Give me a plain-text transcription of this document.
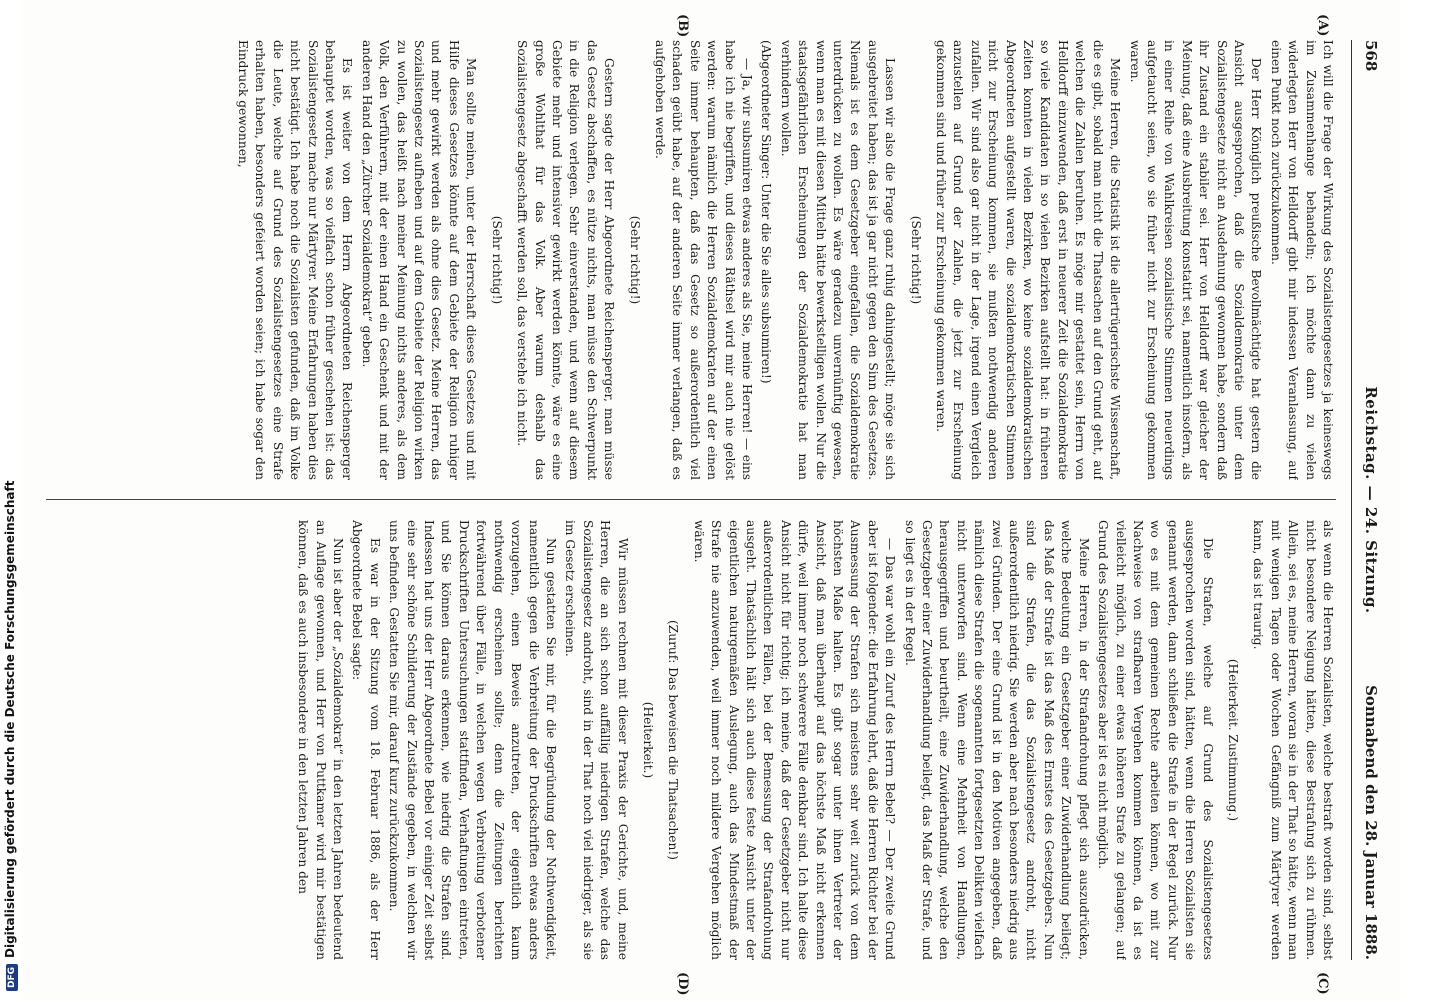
568
Reichstag. — 24. Sitzung.
Sonnabend den 28. Januar 1888.
(A)
(B)
(C)
(D)

Ich will die Frage der Wirkung des Sozialistengesetzes ja keineswegs im Zusammenhange behandeln; ich möchte dann zu vielen widerlegten Herr von Helldorff gibt mir indessen Veranlassung, auf einen Punkt noch zurückzukommen.

Der Herr Königlich preußische Bevollmächtigte hat gestern die Ansicht ausgesprochen, daß die Sozialdemokratie unter dem Sozialistengesetze nicht an Ausdehnung gewonnen habe, sondern daß ihr Zustand ein stabiler sei. Herr von Helldorff war gleicher der Meinung, daß eine Ausbreitung konstatirt sei, namentlich insofern, als in einer Reihe von Wahlkreisen sozialistische Stimmen neuerdings aufgetaucht seien, wo sie früher nicht zur Erscheinung gekommen waren.

Meine Herren, die Statistik ist die allertrügerischste Wissenschaft, die es gibt, sobald man nicht die Thatsachen auf den Grund geht, auf welchen die Zahlen beruhen. Es möge mir gestattet sein, Herrn von Helldorff einzuwenden, daß erst in neuerer Zeit die Sozialdemokratie so viele Kandidaten in so vielen Bezirken aufstellt hat: in früheren Zeiten konnten in vielen Bezirken, wo keine sozialdemokratischen Abgeordneten aufgestellt waren, die sozialdemokratischen Stimmen nicht zur Erscheinung kommen, sie mußten nothwendig anderen zufallen. Wir sind also gar nicht in der Lage, irgend einen Vergleich anzustellen auf Grund der Zahlen, die jetzt zur Erscheinung gekommen sind und früher zur Erscheinung gekommen waren.

(Sehr richtig!)

Lassen wir also die Frage ganz ruhig dahingestellt; möge sie sich ausgebreitet haben; das ist ja gar nicht gegen den Sinn des Gesetzes. Niemals ist es dem Gesetzgeber eingefallen, die Sozialdemokratie unterdrücken zu wollen. Es wäre geradezu unvernünftig gewesen, wenn man es mit diesen Mitteln hätte bewerkstelligen wollen. Nur die staatsgefährlichen Erscheinungen der Sozialdemokratie hat man verhindern wollen.

(Abgeordneter Singer: Unter die Sie alles subsumiren!)

— Ja, wir subsumiren etwas anderes als Sie, meine Herren! — eins habe ich nie begriffen, und dieses Räthsel wird mir auch nie gelöst werden: warum nämlich die Herren Sozialdemokraten auf der einen Seite immer behaupten, daß das Gesetz so außerordentlich viel schaden geübt habe, auf der anderen Seite immer verlangen, daß es aufgehoben werde.

(Sehr richtig!)

Gestern sagte der Herr Abgeordnete Reichensperger, man müsse das Gesetz abschaffen, es nütze nichts, man müsse den Schwerpunkt in die Religion verlegen. Sehr einverstanden, und wenn auf diesem Gebiete mehr und intensiver gewirkt werden könnte, wäre es eine große Wohlthat für das Volk. Aber warum deshalb das Sozialistengesetz abgeschafft werden soll, das verstehe ich nicht.

(Sehr richtig!)

Man sollte meinen, unter der Herrschaft dieses Gesetzes und mit Hilfe dieses Gesetzes könnte auf dem Gebiete der Religion ruhiger und mehr gewirkt werden als ohne dies Gesetz. Meine Herren, das Sozialistengesetz aufheben und auf dem Gebiete der Religion wirken zu wollen, das heißt nach meiner Meinung nichts anderes, als dem Volk, den Verführern, mit der einen Hand ein Geschenk und mit der anderen Hand den „Zürcher Sozialdemokrat“ geben.

Es ist weiter von dem Herrn Abgeordneten Reichensperger behauptet worden, was so vielfach schon früher geschehen ist: das Sozialistengesetz mache nur Märtyrer. Meine Erfahrungen haben dies nicht bestätigt. Ich habe noch die Sozialisten gefunden, daß im Volke die Leute, welche auf Grund des Sozialistengesetzes eine Strafe erhalten haben, besonders gefeiert worden seien; ich habe sogar den Eindruck gewonnen,

als wenn die Herren Sozialisten, welche bestraft worden sind, selbst nicht besondere Neigung hätten, diese Bestrafung sich zu rühmen. Allein, sei es, meine Herren, woran sie in der That so hätte, wenn man mit wenigen Tagen oder Wochen Gefängniß zum Märtyrer werden kann, das ist traurig.

(Heiterkeit. Zustimmung.)

Die Strafen, welche auf Grund des Sozialistengesetzes ausgesprochen worden sind, hätten, wenn die Herren Sozialisten sie genannt werden, dann schließen die Strafe in der Regel zurück. Nur wo es mit dem gemeinen Rechte arbeiten können, wo mit zur Nachweise von strafbaren Vergehen kommen können, da ist es vielleicht möglich, zu einer etwas höheren Strafe zu gelangen; auf Grund des Sozialistengesetzes aber ist es nicht möglich.

Meine Herren, in der Strafandrohung pflegt sich auszudrücken, welche Bedeutung ein Gesetzgeber einer Zuwiderhandlung beilegt; das Maß der Strafe ist das Maß des Ernstes des Gesetzgebers. Nun sind die Strafen, die das Sozialistengesetz androht, nicht außerordentlich niedrig. Sie werden aber nach besonders niedrig aus zwei Gründen. Der eine Grund ist in den Motiven angegeben, daß nämlich diese Strafen die sogenannten fortgesetzten Delikten vielfach nicht unterworfen sind. Wenn eine Mehrheit von Handlungen, herausgegriffen und beurtheilt, eine Zuwiderhandlung, welche den Gesetzgeber einer Zuwiderhandlung beilegt, das Maß der Strafe, und so liegt es in der Regel.

— Das war wohl ein Zuruf des Herrn Bebel? — Der zweite Grund aber ist folgender: die Erfahrung lehrt, daß die Herren Richter bei der Ausmessung der Strafen sich meistens sehr weit zurück von dem höchsten Maße halten. Es gibt sogar unter ihnen Vertreter der Ansicht, daß man überhaupt auf das höchste Maß nicht erkennen dürfe, weil immer noch schwerere Fälle denkbar sind. Ich halte diese Ansicht nicht für richtig; ich meine, daß der Gesetzgeber nicht nur außerordentlichen Fällen, bei der Bemessung der Strafandrohung ausgeht. Thatsächlich hält sich auch diese feste Ansicht unter der eigentlichen naturgemäßen Auslegung, auch das Mindestmaß der Strafe nie anzuwenden, weil immer noch mildere Vergehen möglich wären.

(Zuruf: Das beweisen die Thatsachen!)

(Heiterkeit.)

Wir müssen rechnen mit dieser Praxis der Gerichte, und, meine Herren, die an sich schon auffällig niedrigen Strafen, welche das Sozialistengesetz androht, sind in der That noch viel niedriger, als sie im Gesetz erscheinen.

Nun gestatten Sie mir, für die Begründung der Nothwendigkeit, namentlich gegen die Verbreitung der Druckschriften etwas anders vorzugehen, einen Beweis anzutreten, der eigentlich kaum nothwendig erscheinen sollte; denn die Zeitungen berichten fortwährend über Fälle, in welchen wegen Verbreitung verbotener Druckschriften Untersuchungen stattfinden, Verhaftungen eintreten, und Sie können daraus erkennen, wie niedrig die Strafen sind. Indessen hat uns der Herr Abgeordnete Bebel vor einiger Zeit selbst eine sehr schöne Schilderung der Zustände gegeben, in welchen wir uns befinden. Gestatten Sie mir, darauf kurz zurückzukommen.

Es war in der Sitzung vom 18. Februar 1886, als der Herr Abgeordnete Bebel sagte:

Nun ist aber der „Sozialdemokrat“ in den letzten Jahren bedeutend an Auflage gewonnen, und Herr von Puttkamer wird mir bestätigen können, daß es auch insbesondere in den letzten Jahren den

DFGDigitalisierung gefördert durch die Deutsche Forschungsgemeinschaft
